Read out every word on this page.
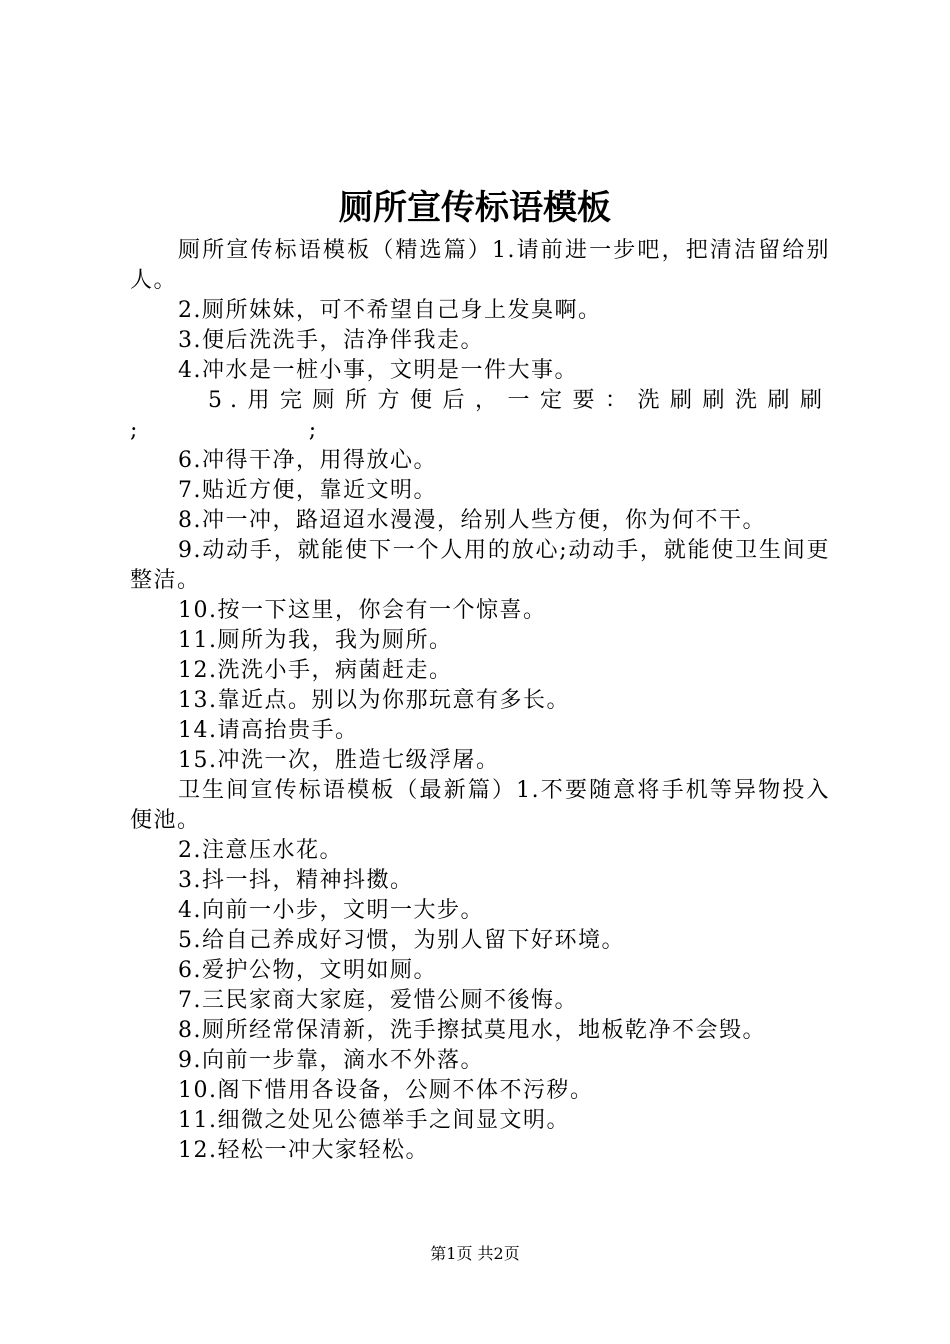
厕所宣传标语模板

厕所宣传标语模板（精选篇）1.请前进一步吧，把清洁留给别人。

2.厕所妹妹，可不希望自己身上发臭啊。

3.便后洗洗手，洁净伴我走。

4.冲水是一桩小事，文明是一件大事。

5.用完厕所方便后，一定要：洗刷刷洗刷刷

;                    ;

6.冲得干净，用得放心。

7.贴近方便，靠近文明。

8.冲一冲，路迢迢水漫漫，给别人些方便，你为何不干。

9.动动手，就能使下一个人用的放心;动动手，就能使卫生间更整洁。

10.按一下这里，你会有一个惊喜。

11.厕所为我，我为厕所。

12.洗洗小手，病菌赶走。

13.靠近点。别以为你那玩意有多长。

14.请高抬贵手。

15.冲洗一次，胜造七级浮屠。

卫生间宣传标语模板（最新篇）1.不要随意将手机等异物投入便池。

2.注意压水花。

3.抖一抖，精神抖擞。

4.向前一小步，文明一大步。

5.给自己养成好习惯，为别人留下好环境。

6.爱护公物，文明如厕。

7.三民家商大家庭，爱惜公厕不後悔。

8.厕所经常保清新，洗手擦拭莫甩水，地板乾净不会毁。

9.向前一步靠，滴水不外落。

10.阁下惜用各设备，公厕不体不污秽。

11.细微之处见公德举手之间显文明。

12.轻松一冲大家轻松。

第1页 共2页
